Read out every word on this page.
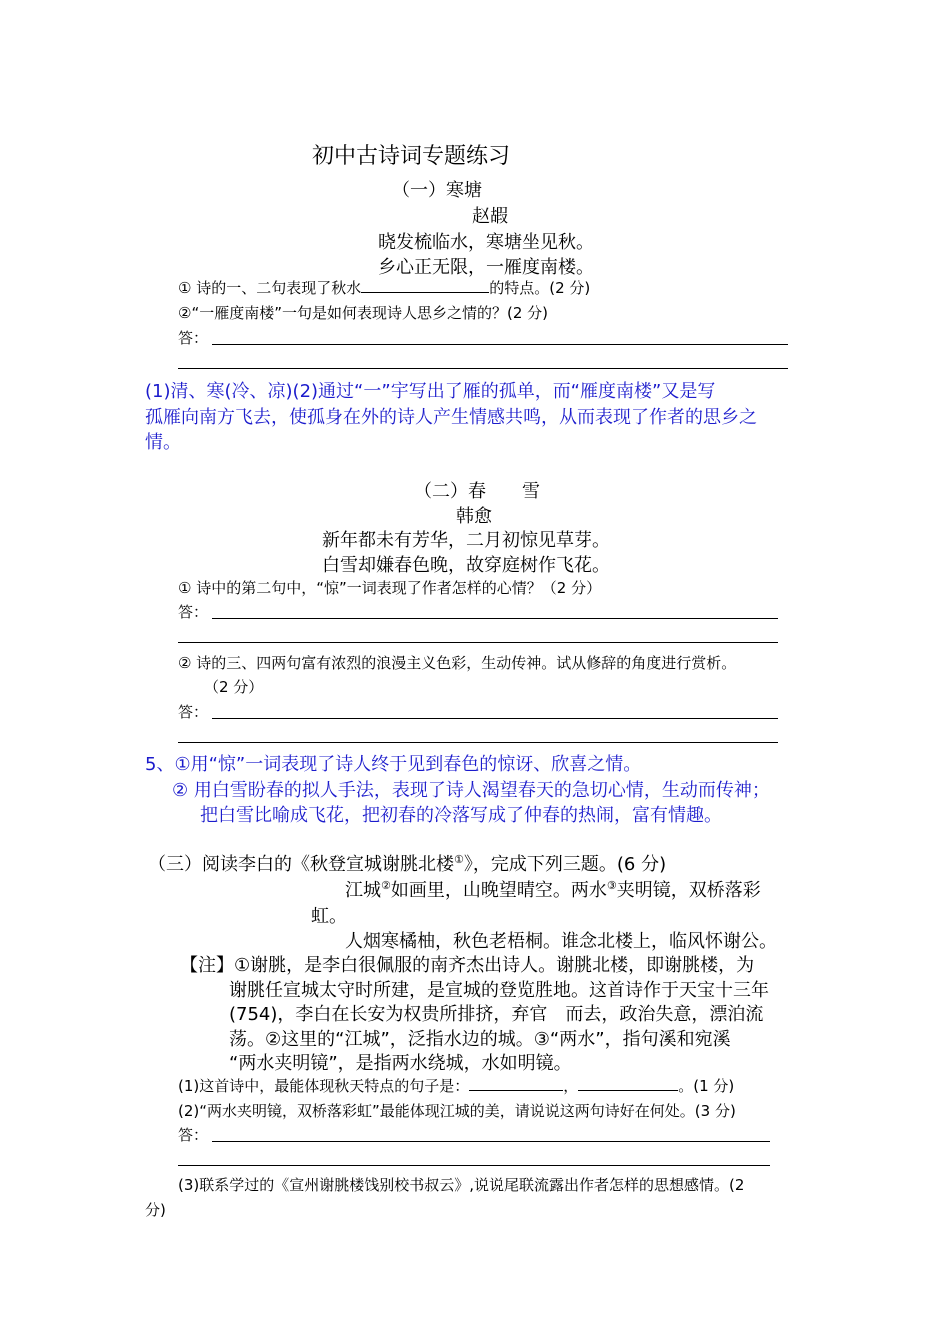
初中古诗词专题练习
（一）寒塘
赵嘏
晓发梳临水，寒塘坐见秋。
乡心正无限，一雁度南楼。
① 诗的一、二句表现了秋水	的特点。(2 分)
②“一雁度南楼”一句是如何表现诗人思乡之情的？(2 分)
答：
(1)清、寒(冷、凉)(2)通过“一”宇写出了雁的孤单，而“雁度南楼”又是写
孤雁向南方飞去，使孤身在外的诗人产生情感共鸣，从而表现了作者的思乡之
情。
（二）春　　雪
韩愈
新年都未有芳华，二月初惊见草芽。
白雪却嫌春色晚，故穿庭树作飞花。
① 诗中的第二句中，“惊”一词表现了作者怎样的心情？（2 分）
答：
② 诗的三、四两句富有浓烈的浪漫主义色彩，生动传神。试从修辞的角度进行赏析。
（2 分）
答：
5、①用“惊”一词表现了诗人终于见到春色的惊讶、欣喜之情。
② 用白雪盼春的拟人手法，表现了诗人渴望春天的急切心情，生动而传神；
把白雪比喻成飞花，把初春的冷落写成了仲春的热闹，富有情趣。
（三）阅读李白的《秋登宣城谢朓北楼①》，完成下列三题。(6 分)
江城②如画里，山晚望晴空。两水③夹明镜，双桥落彩
虹。
人烟寒橘柚，秋色老梧桐。谁念北楼上，临风怀谢公。
【注】①谢朓，是李白很佩服的南齐杰出诗人。谢朓北楼，即谢朓楼，为
谢朓任宣城太守时所建，是宣城的登览胜地。这首诗作于天宝十三年
(754)，李白在长安为权贵所排挤，弃官　而去，政治失意，漂泊流
荡。②这里的“江城”，泛指水边的城。③“两水”，指句溪和宛溪
“两水夹明镜”，是指两水绕城，水如明镜。
(1)这首诗中，最能体现秋天特点的句子是：	，	。(1 分)
(2)“两水夹明镜，双桥落彩虹”最能体现江城的美，请说说这两句诗好在何处。(3 分)
答：
(3)联系学过的《宣州谢朓楼饯别校书叔云》,说说尾联流露出作者怎样的思想感情。(2
分)
